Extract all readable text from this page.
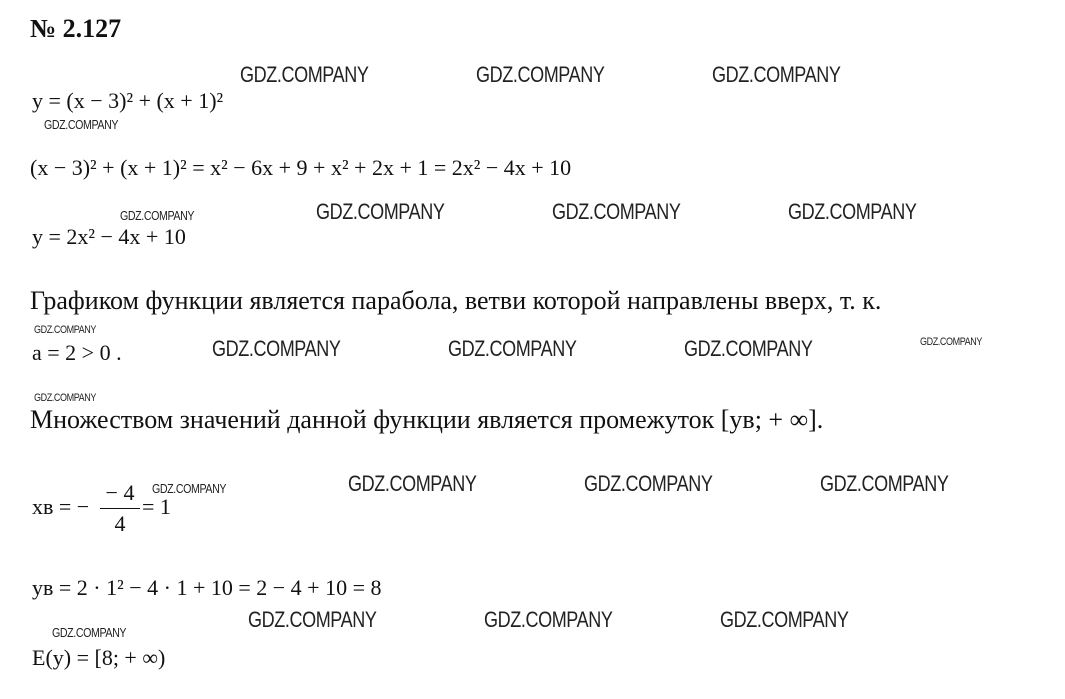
№ 2.127
y = (x − 3)² + (x + 1)²
(x − 3)² + (x + 1)² = x² − 6x + 9 + x² + 2x + 1 = 2x² − 4x + 10
y = 2x² − 4x + 10
Графиком функции является парабола, ветви которой направлены вверх, т. к.
a = 2 > 0 .
Множеством значений данной функции является промежуток [yв; + ∞].
xв = −
− 4
4
= 1
yв = 2 · 1² − 4 · 1 + 10 = 2 − 4 + 10 = 8
E(y) = [8; + ∞)
GDZ.COMPANY	GDZ.COMPANY	GDZ.COMPANY
GDZ.COMPANY
GDZ.COMPANY	GDZ.COMPANY	GDZ.COMPANY	GDZ.COMPANY
GDZ.COMPANY
GDZ.COMPANY	GDZ.COMPANY	GDZ.COMPANY	GDZ.COMPANY
GDZ.COMPANY
GDZ.COMPANY	GDZ.COMPANY	GDZ.COMPANY	GDZ.COMPANY
GDZ.COMPANY	GDZ.COMPANY	GDZ.COMPANY
GDZ.COMPANY
